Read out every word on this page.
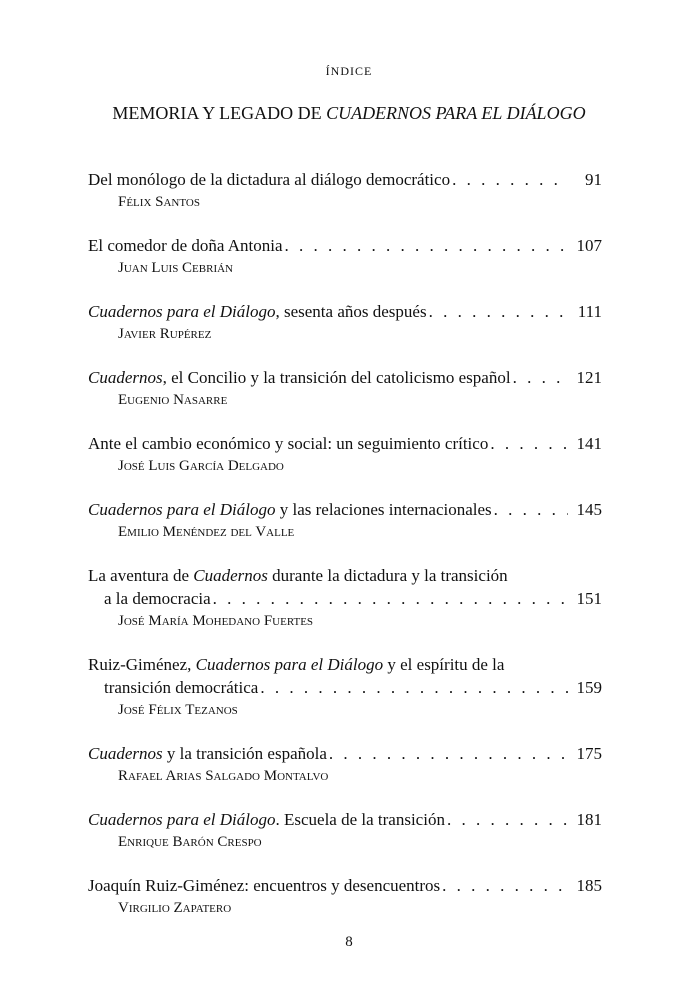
ÍNDICE
MEMORIA Y LEGADO DE CUADERNOS PARA EL DIÁLOGO
Del monólogo de la dictadura al diálogo democrático . . .	91
Félix Santos
El comedor de doña Antonia . . .	107
Juan Luis Cebrián
Cuadernos para el Diálogo, sesenta años después . . .	111
Javier Rupérez
Cuadernos, el Concilio y la transición del catolicismo español . . .	121
Eugenio Nasarre
Ante el cambio económico y social: un seguimiento crítico . . .	141
José Luis García Delgado
Cuadernos para el Diálogo y las relaciones internacionales . . .	145
Emilio Menéndez del Valle
La aventura de Cuadernos durante la dictadura y la transición
a la democracia . . .	151
José María Mohedano Fuertes
Ruiz-Giménez, Cuadernos para el Diálogo y el espíritu de la
transición democrática . . .	159
José Félix Tezanos
Cuadernos y la transición española . . .	175
Rafael Arias Salgado Montalvo
Cuadernos para el Diálogo. Escuela de la transición . . .	181
Enrique Barón Crespo
Joaquín Ruiz-Giménez: encuentros y desencuentros . . .	185
Virgilio Zapatero
8
